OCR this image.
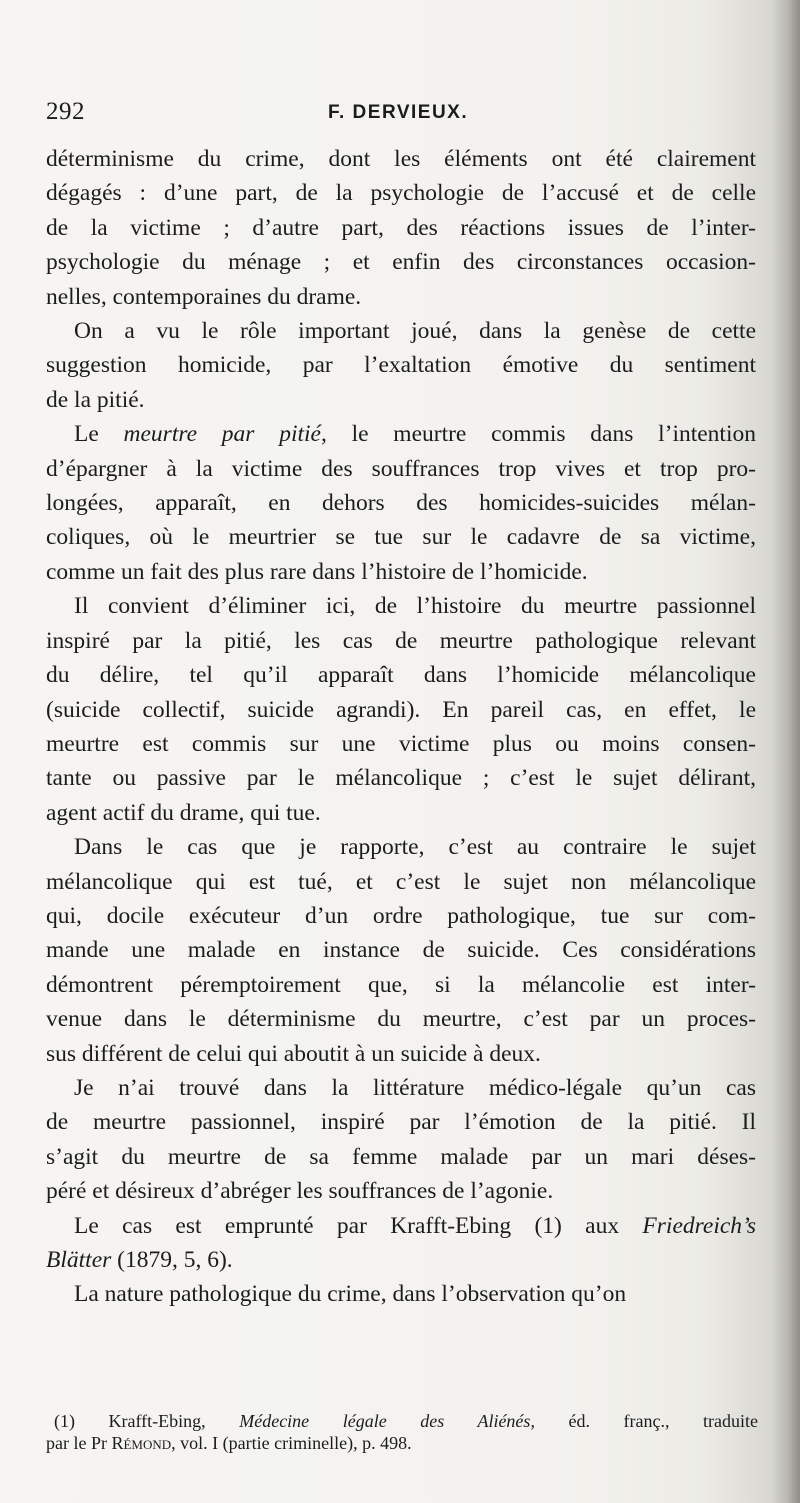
292	F. DERVIEUX.

déterminisme du crime, dont les éléments ont été clairement
dégagés : d’une part, de la psychologie de l’accusé et de celle
de la victime ; d’autre part, des réactions issues de l’inter-
psychologie du ménage ; et enfin des circonstances occasion-
nelles, contemporaines du drame.

On a vu le rôle important joué, dans la genèse de cette
suggestion homicide, par l’exaltation émotive du sentiment
de la pitié.

Le meurtre par pitié, le meurtre commis dans l’intention
d’épargner à la victime des souffrances trop vives et trop pro-
longées, apparaît, en dehors des homicides-suicides mélan-
coliques, où le meurtrier se tue sur le cadavre de sa victime,
comme un fait des plus rare dans l’histoire de l’homicide.

Il convient d’éliminer ici, de l’histoire du meurtre passionnel
inspiré par la pitié, les cas de meurtre pathologique relevant
du délire, tel qu’il apparaît dans l’homicide mélancolique
(suicide collectif, suicide agrandi). En pareil cas, en effet, le
meurtre est commis sur une victime plus ou moins consen-
tante ou passive par le mélancolique ; c’est le sujet délirant,
agent actif du drame, qui tue.

Dans le cas que je rapporte, c’est au contraire le sujet
mélancolique qui est tué, et c’est le sujet non mélancolique
qui, docile exécuteur d’un ordre pathologique, tue sur com-
mande une malade en instance de suicide. Ces considérations
démontrent péremptoirement que, si la mélancolie est inter-
venue dans le déterminisme du meurtre, c’est par un proces-
sus différent de celui qui aboutit à un suicide à deux.

Je n’ai trouvé dans la littérature médico-légale qu’un cas
de meurtre passionnel, inspiré par l’émotion de la pitié. Il
s’agit du meurtre de sa femme malade par un mari déses-
péré et désireux d’abréger les souffrances de l’agonie.

Le cas est emprunté par Krafft-Ebing (1) aux Friedreich’s
Blätter (1879, 5, 6).

La nature pathologique du crime, dans l’observation qu’on

(1) Krafft-Ebing, Médecine légale des Aliénés, éd. franç., traduite
par le Pr Rémond, vol. I (partie criminelle), p. 498.
